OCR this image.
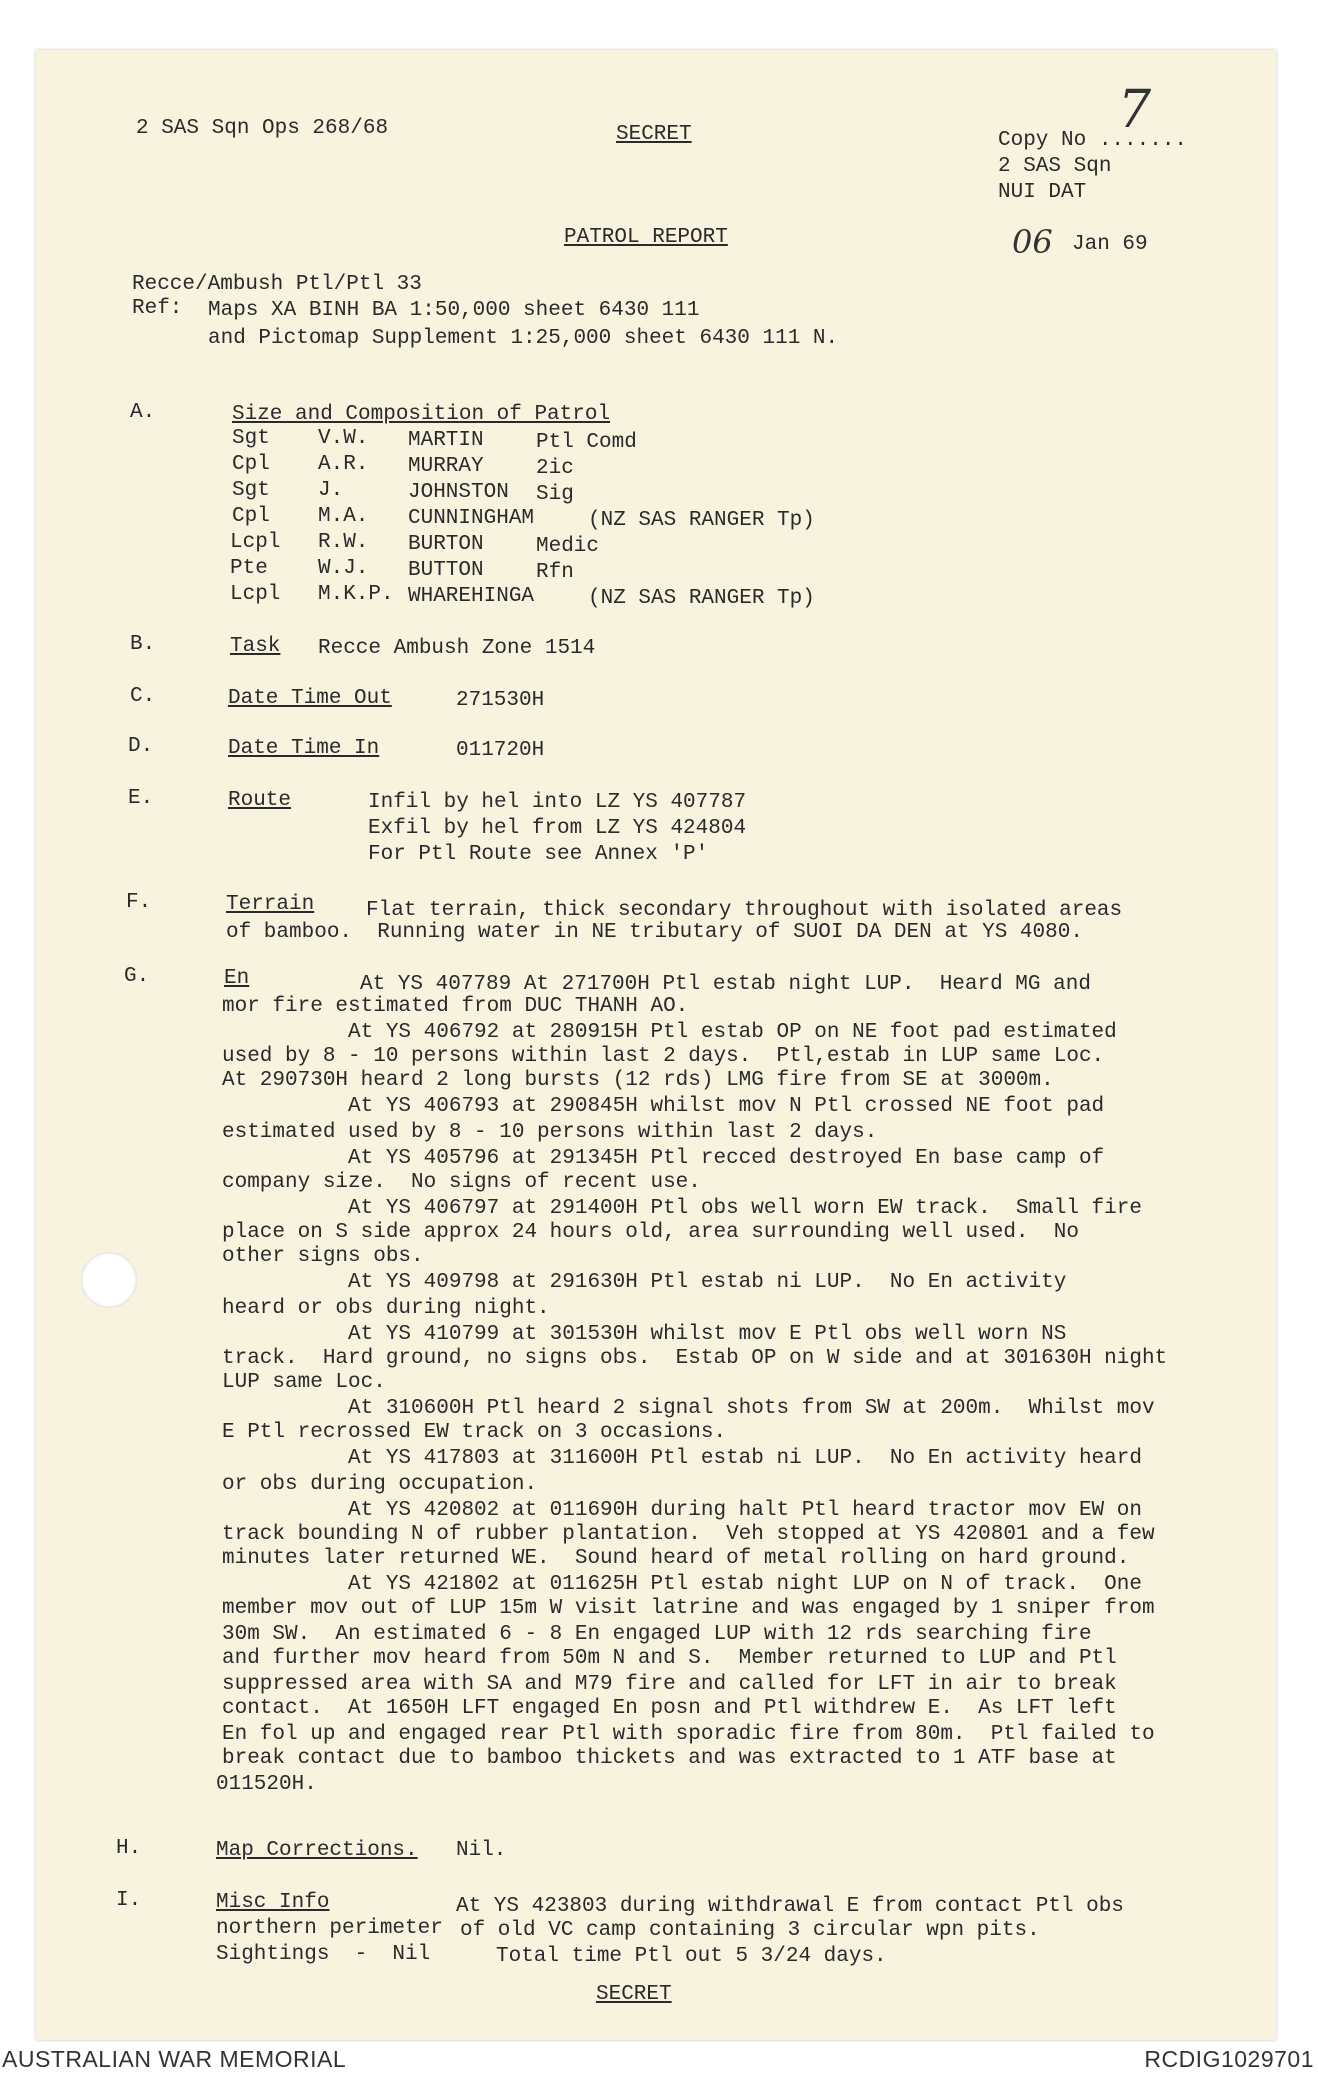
2 SAS Sqn Ops 268/68	SECRET	Copy No .......
7
2 SAS Sqn
NUI DAT
PATROL REPORT	06 Jan 69
Recce/Ambush Ptl/Ptl 33
Ref: Maps XA BINH BA 1:50,000 sheet 6430 111
and Pictomap Supplement 1:25,000 sheet 6430 111 N.
A.	Size and Composition of Patrol
Sgt V.W. MARTIN Ptl Comd
Cpl A.R. MURRAY 2ic
Sgt J.	JOHNSTON Sig
Cpl M.A. CUNNINGHAM	(NZ SAS RANGER Tp)
Lcpl R.W. BURTON Medic
Pte W.J. BUTTON Rfn
Lcpl M.K.P. WHAREHINGA	(NZ SAS RANGER Tp)
B.	Task Recce Ambush Zone 1514
C.	Date Time Out	271530H
D.	Date Time In	011720H
E.	Route	Infil by hel into LZ YS 407787
Exfil by hel from LZ YS 424804
For Ptl Route see Annex 'P'
F.	Terrain Flat terrain, thick secondary throughout with isolated areas
of bamboo.  Running water in NE tributary of SUOI DA DEN at YS 4080.
G.	En	At YS 407789 At 271700H Ptl estab night LUP.  Heard MG and
mor fire estimated from DUC THANH AO.
At YS 406792 at 280915H Ptl estab OP on NE foot pad estimated
used by 8 - 10 persons within last 2 days.  Ptl,estab in LUP same Loc.
At 290730H heard 2 long bursts (12 rds) LMG fire from SE at 3000m.
At YS 406793 at 290845H whilst mov N Ptl crossed NE foot pad
estimated used by 8 - 10 persons within last 2 days.
At YS 405796 at 291345H Ptl recced destroyed En base camp of
company size.  No signs of recent use.
At YS 406797 at 291400H Ptl obs well worn EW track.  Small fire
place on S side approx 24 hours old, area surrounding well used.  No
other signs obs.
At YS 409798 at 291630H Ptl estab ni LUP.  No En activity
heard or obs during night.
At YS 410799 at 301530H whilst mov E Ptl obs well worn NS
track.  Hard ground, no signs obs.  Estab OP on W side and at 301630H night
LUP same Loc.
At 310600H Ptl heard 2 signal shots from SW at 200m.  Whilst mov
E Ptl recrossed EW track on 3 occasions.
At YS 417803 at 311600H Ptl estab ni LUP.  No En activity heard
or obs during occupation.
At YS 420802 at 011690H during halt Ptl heard tractor mov EW on
track bounding N of rubber plantation.  Veh stopped at YS 420801 and a few
minutes later returned WE.  Sound heard of metal rolling on hard ground.
At YS 421802 at 011625H Ptl estab night LUP on N of track.  One
member mov out of LUP 15m W visit latrine and was engaged by 1 sniper from
30m SW.  An estimated 6 - 8 En engaged LUP with 12 rds searching fire
and further mov heard from 50m N and S.  Member returned to LUP and Ptl
suppressed area with SA and M79 fire and called for LFT in air to break
contact.  At 1650H LFT engaged En posn and Ptl withdrew E.  As LFT left
En fol up and engaged rear Ptl with sporadic fire from 80m.  Ptl failed to
break contact due to bamboo thickets and was extracted to 1 ATF base at
011520H.
H.	Map Corrections. Nil.
I.	Misc Info	At YS 423803 during withdrawal E from contact Ptl obs
northern perimeter of old VC camp containing 3 circular wpn pits.
Sightings  -  Nil	Total time Ptl out 5 3/24 days.
SECRET
AUSTRALIAN WAR MEMORIAL	RCDIG1029701
